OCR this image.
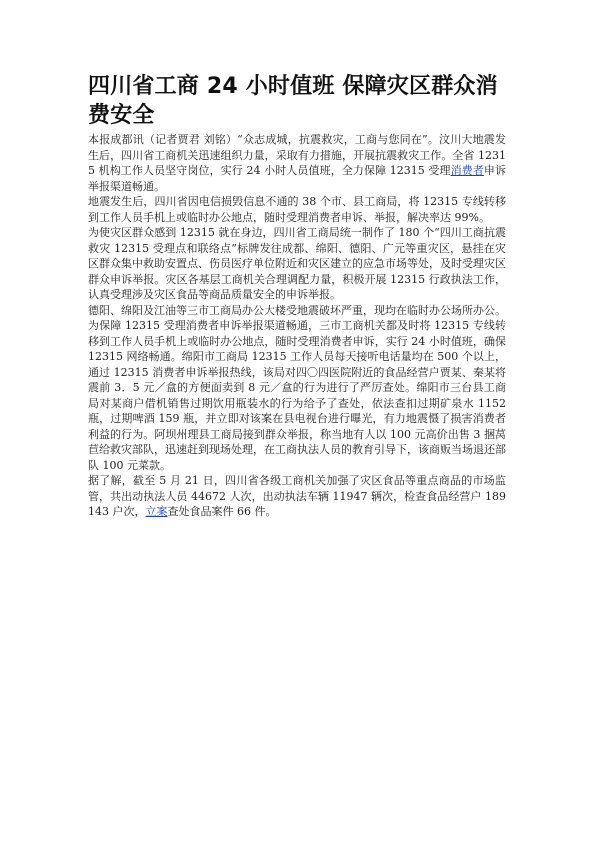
四川省工商 24 小时值班 保障灾区群众消费安全

本报成都讯（记者贾君 刘铭）“众志成城，抗震救灾，工商与您同在”。汶川大地震发生后，四川省工商机关迅速组织力量，采取有力措施，开展抗震救灾工作。全省 12315 机构工作人员坚守岗位，实行 24 小时人员值班，全力保障 12315 受理消费者申诉举报渠道畅通。

地震发生后，四川省因电信损毁信息不通的 38 个市、县工商局，将 12315 专线转移到工作人员手机上或临时办公地点，随时受理消费者申诉、举报，解决率达 99%。

为使灾区群众感到 12315 就在身边，四川省工商局统一制作了 180 个“四川工商抗震救灾 12315 受理点和联络点”标牌发往成都、绵阳、德阳、广元等重灾区，悬挂在灾区群众集中救助安置点、伤员医疗单位附近和灾区建立的应急市场等处，及时受理灾区群众申诉举报。灾区各基层工商机关合理调配力量，积极开展 12315 行政执法工作，认真受理涉及灾区食品等商品质量安全的申诉举报。

德阳、绵阳及江油等三市工商局办公大楼受地震破坏严重，现均在临时办公场所办公。为保障 12315 受理消费者申诉举报渠道畅通，三市工商机关都及时将 12315 专线转移到工作人员手机上或临时办公地点，随时受理消费者申诉，实行 24 小时值班，确保 12315 网络畅通。绵阳市工商局 12315 工作人员每天接听电话量均在 500 个以上，通过 12315 消费者申诉举报热线，该局对四〇四医院附近的食品经营户贾某、秦某将震前 3．5 元／盒的方便面卖到 8 元／盒的行为进行了严厉查处。绵阳市三台县工商局对某商户借机销售过期饮用瓶装水的行为给予了查处，依法查扣过期矿泉水 1152 瓶，过期啤酒 159 瓶，并立即对该案在县电视台进行曝光，有力地震慑了损害消费者利益的行为。阿坝州理县工商局接到群众举报，称当地有人以 100 元高价出售 3 捆莴苣给救灾部队，迅速赶到现场处理，在工商执法人员的教育引导下，该商贩当场退还部队 100 元菜款。

据了解，截至 5 月 21 日，四川省各级工商机关加强了灾区食品等重点商品的市场监管，共出动执法人员 44672 人次，出动执法车辆 11947 辆次，检查食品经营户 189143 户次，立案查处食品案件 66 件。
